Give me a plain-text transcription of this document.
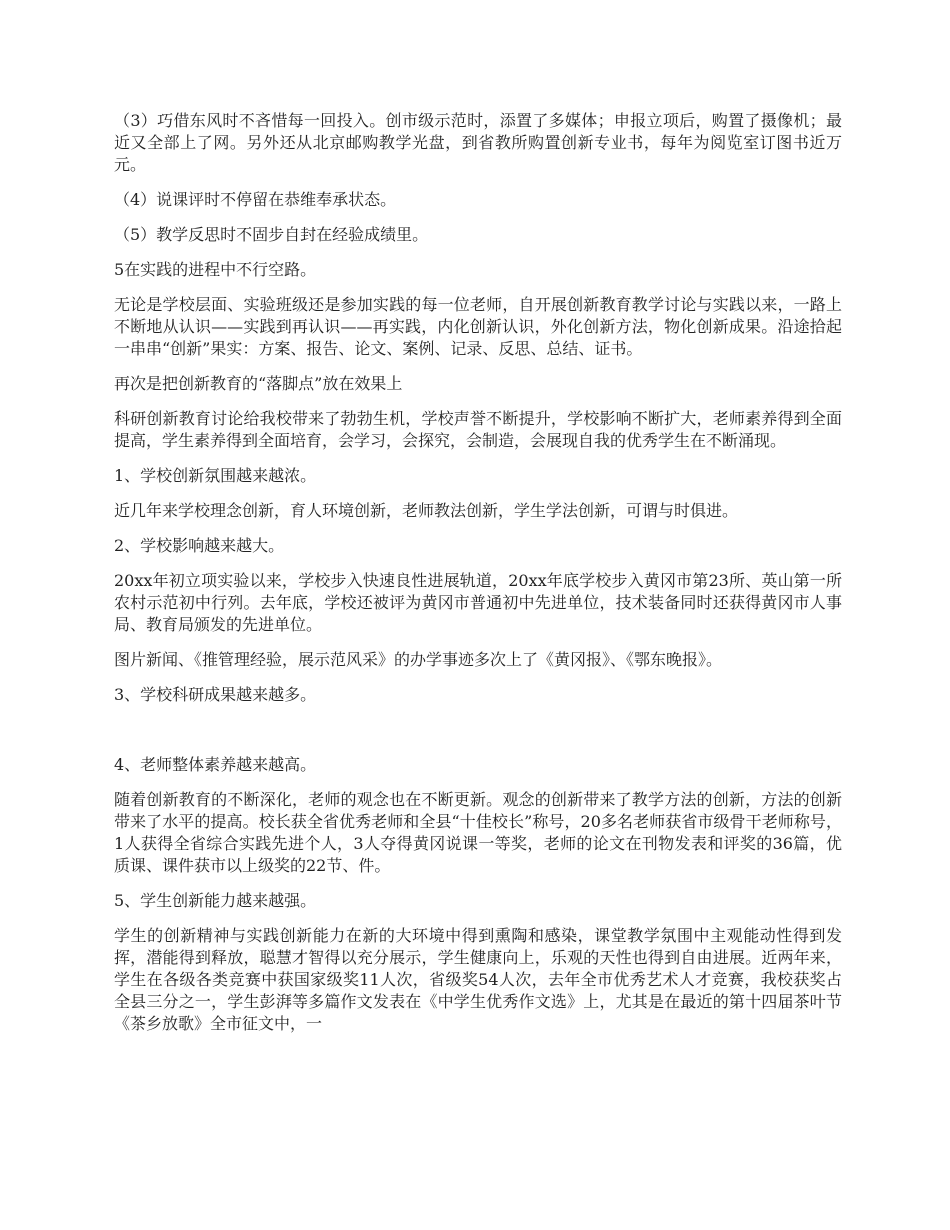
（3）巧借东风时不吝惜每一回投入。创市级示范时，添置了多媒体；申报立项后，购置了摄像机；最近又全部上了网。另外还从北京邮购教学光盘，到省教所购置创新专业书，每年为阅览室订图书近万元。

（4）说课评时不停留在恭维奉承状态。

（5）教学反思时不固步自封在经验成绩里。

5在实践的进程中不行空路。

无论是学校层面、实验班级还是参加实践的每一位老师，自开展创新教育教学讨论与实践以来，一路上不断地从认识——实践到再认识——再实践，内化创新认识，外化创新方法，物化创新成果。沿途拾起一串串“创新”果实：方案、报告、论文、案例、记录、反思、总结、证书。

再次是把创新教育的“落脚点”放在效果上

科研创新教育讨论给我校带来了勃勃生机，学校声誉不断提升，学校影响不断扩大，老师素养得到全面提高，学生素养得到全面培育，会学习，会探究，会制造，会展现自我的优秀学生在不断涌现。

1、学校创新氛围越来越浓。

近几年来学校理念创新，育人环境创新，老师教法创新，学生学法创新，可谓与时俱进。

2、学校影响越来越大。

20xx年初立项实验以来，学校步入快速良性进展轨道，20xx年底学校步入黄冈市第23所、英山第一所农村示范初中行列。去年底，学校还被评为黄冈市普通初中先进单位，技术装备同时还获得黄冈市人事局、教育局颁发的先进单位。

图片新闻、《推管理经验，展示范风采》的办学事迹多次上了《黄冈报》、《鄂东晚报》。

3、学校科研成果越来越多。

4、老师整体素养越来越高。

随着创新教育的不断深化，老师的观念也在不断更新。观念的创新带来了教学方法的创新，方法的创新带来了水平的提高。校长获全省优秀老师和全县“十佳校长”称号，20多名老师获省市级骨干老师称号，1人获得全省综合实践先进个人，3人夺得黄冈说课一等奖，老师的论文在刊物发表和评奖的36篇，优质课、课件获市以上级奖的22节、件。

5、学生创新能力越来越强。

学生的创新精神与实践创新能力在新的大环境中得到熏陶和感染，课堂教学氛围中主观能动性得到发挥，潜能得到释放，聪慧才智得以充分展示，学生健康向上，乐观的天性也得到自由进展。近两年来，学生在各级各类竞赛中获国家级奖11人次，省级奖54人次，去年全市优秀艺术人才竞赛，我校获奖占全县三分之一，学生彭湃等多篇作文发表在《中学生优秀作文选》上，尤其是在最近的第十四届茶叶节《茶乡放歌》全市征文中，一
